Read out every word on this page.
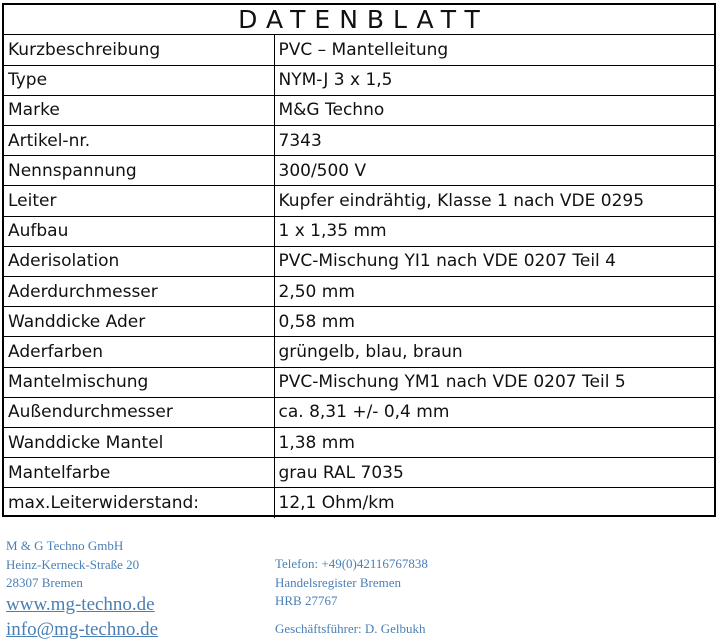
DATENBLATT
Kurzbeschreibung	PVC – Mantelleitung
Type	NYM-J 3 x 1,5
Marke	M&G Techno
Artikel-nr.	7343
Nennspannung	300/500 V
Leiter	Kupfer eindrähtig, Klasse 1 nach VDE 0295
Aufbau	1 x 1,35 mm
Aderisolation	PVC-Mischung YI1 nach VDE 0207 Teil 4
Aderdurchmesser	2,50 mm
Wanddicke Ader	0,58 mm
Aderfarben	grüngelb, blau, braun
Mantelmischung	PVC-Mischung YM1 nach VDE 0207 Teil 5
Außendurchmesser	ca. 8,31 +/- 0,4 mm
Wanddicke Mantel	1,38 mm
Mantelfarbe	grau RAL 7035
max.Leiterwiderstand:	12,1 Ohm/km
M & G Techno GmbH
Heinz-Kerneck-Straße 20
28307 Bremen
www.mg-techno.de
info@mg-techno.de
Telefon: +49(0)42116767838
Handelsregister Bremen
HRB 27767
Geschäftsführer: D. Gelbukh
